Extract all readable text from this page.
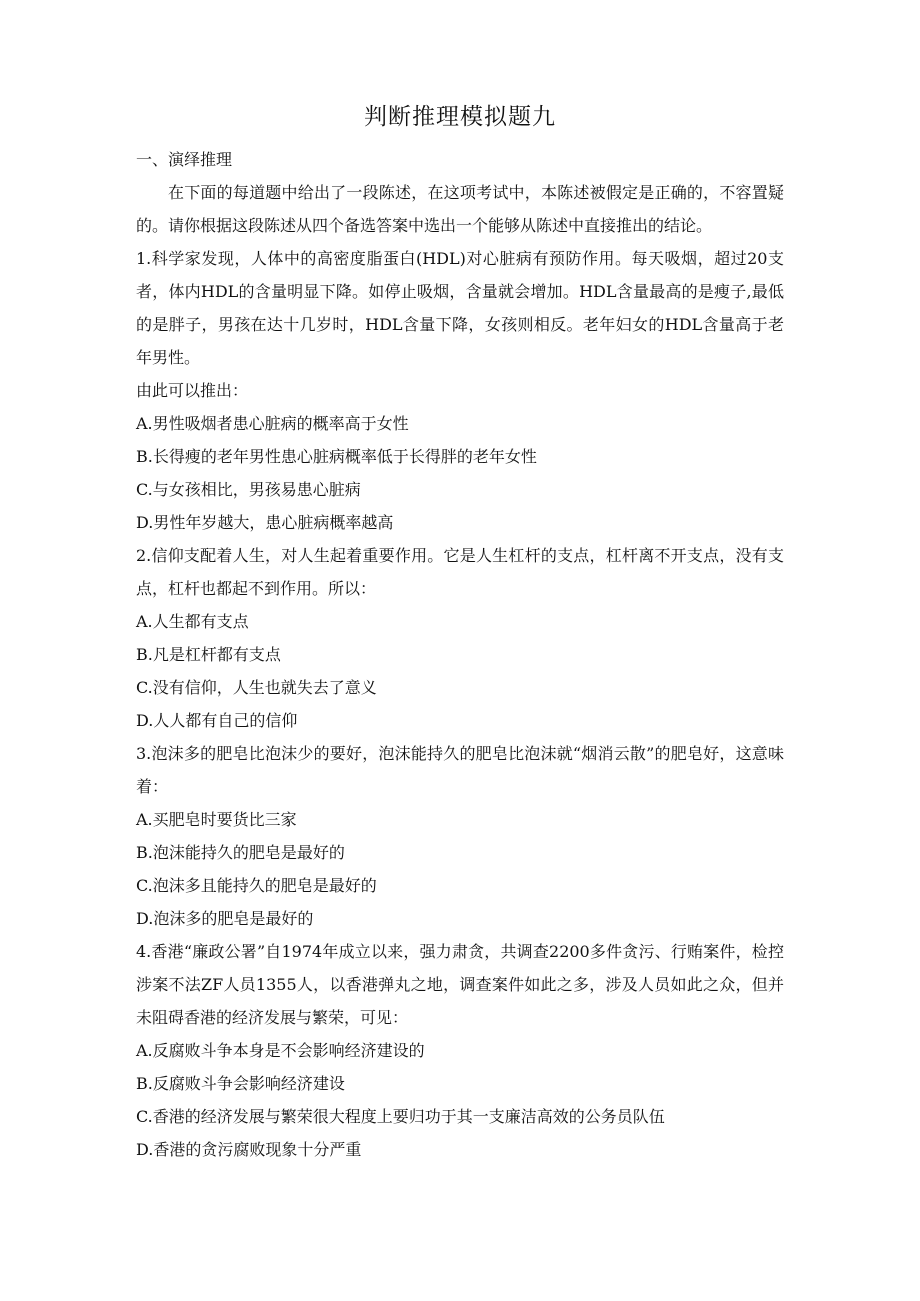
判断推理模拟题九

一、演绎推理

在下面的每道题中给出了一段陈述，在这项考试中，本陈述被假定是正确的，不容置疑的。请你根据这段陈述从四个备选答案中选出一个能够从陈述中直接推出的结论。

1.科学家发现，人体中的高密度脂蛋白(HDL)对心脏病有预防作用。每天吸烟，超过20支者，体内HDL的含量明显下降。如停止吸烟，含量就会增加。HDL含量最高的是瘦子,最低的是胖子，男孩在达十几岁时，HDL含量下降，女孩则相反。老年妇女的HDL含量高于老年男性。

由此可以推出：

A.男性吸烟者患心脏病的概率高于女性

B.长得瘦的老年男性患心脏病概率低于长得胖的老年女性

C.与女孩相比，男孩易患心脏病

D.男性年岁越大，患心脏病概率越高

2.信仰支配着人生，对人生起着重要作用。它是人生杠杆的支点，杠杆离不开支点，没有支点，杠杆也都起不到作用。所以：

A.人生都有支点

B.凡是杠杆都有支点

C.没有信仰，人生也就失去了意义

D.人人都有自己的信仰

3.泡沫多的肥皂比泡沫少的要好，泡沫能持久的肥皂比泡沫就“烟消云散”的肥皂好，这意味着：

A.买肥皂时要货比三家

B.泡沫能持久的肥皂是最好的

C.泡沫多且能持久的肥皂是最好的

D.泡沫多的肥皂是最好的

4.香港“廉政公署”自1974年成立以来，强力肃贪，共调查2200多件贪污、行贿案件，检控涉案不法ZF人员1355人，以香港弹丸之地，调查案件如此之多，涉及人员如此之众，但并未阻碍香港的经济发展与繁荣，可见：

A.反腐败斗争本身是不会影响经济建设的

B.反腐败斗争会影响经济建设

C.香港的经济发展与繁荣很大程度上要归功于其一支廉洁高效的公务员队伍

D.香港的贪污腐败现象十分严重
